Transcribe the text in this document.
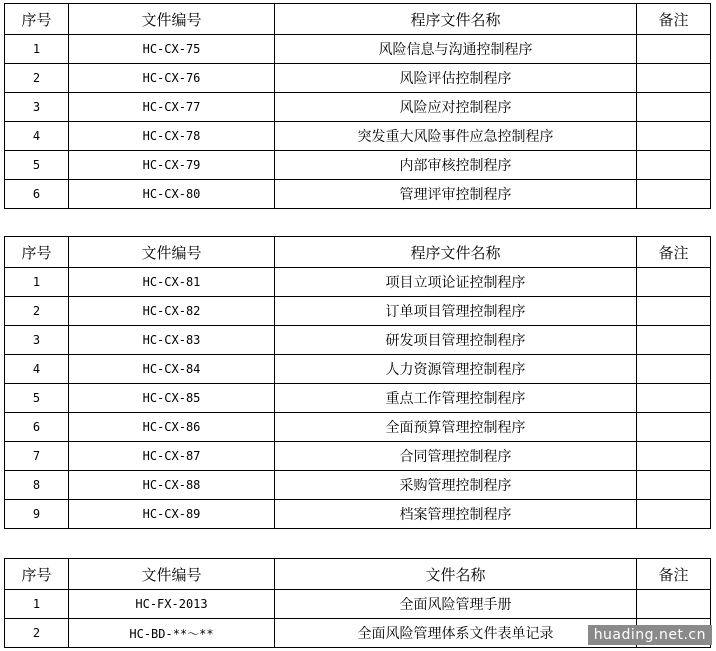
序号	文件编号	程序文件名称	备注
1	HC-CX-75	风险信息与沟通控制程序	
2	HC-CX-76	风险评估控制程序	
3	HC-CX-77	风险应对控制程序	
4	HC-CX-78	突发重大风险事件应急控制程序	
5	HC-CX-79	内部审核控制程序	
6	HC-CX-80	管理评审控制程序	
序号	文件编号	程序文件名称	备注
1	HC-CX-81	项目立项论证控制程序	
2	HC-CX-82	订单项目管理控制程序	
3	HC-CX-83	研发项目管理控制程序	
4	HC-CX-84	人力资源管理控制程序	
5	HC-CX-85	重点工作管理控制程序	
6	HC-CX-86	全面预算管理控制程序	
7	HC-CX-87	合同管理控制程序	
8	HC-CX-88	采购管理控制程序	
9	HC-CX-89	档案管理控制程序	
序号	文件编号	文件名称	备注
1	HC-FX-2013	全面风险管理手册	
2	HC-BD-**～**	全面风险管理体系文件表单记录		huading.net.cn
